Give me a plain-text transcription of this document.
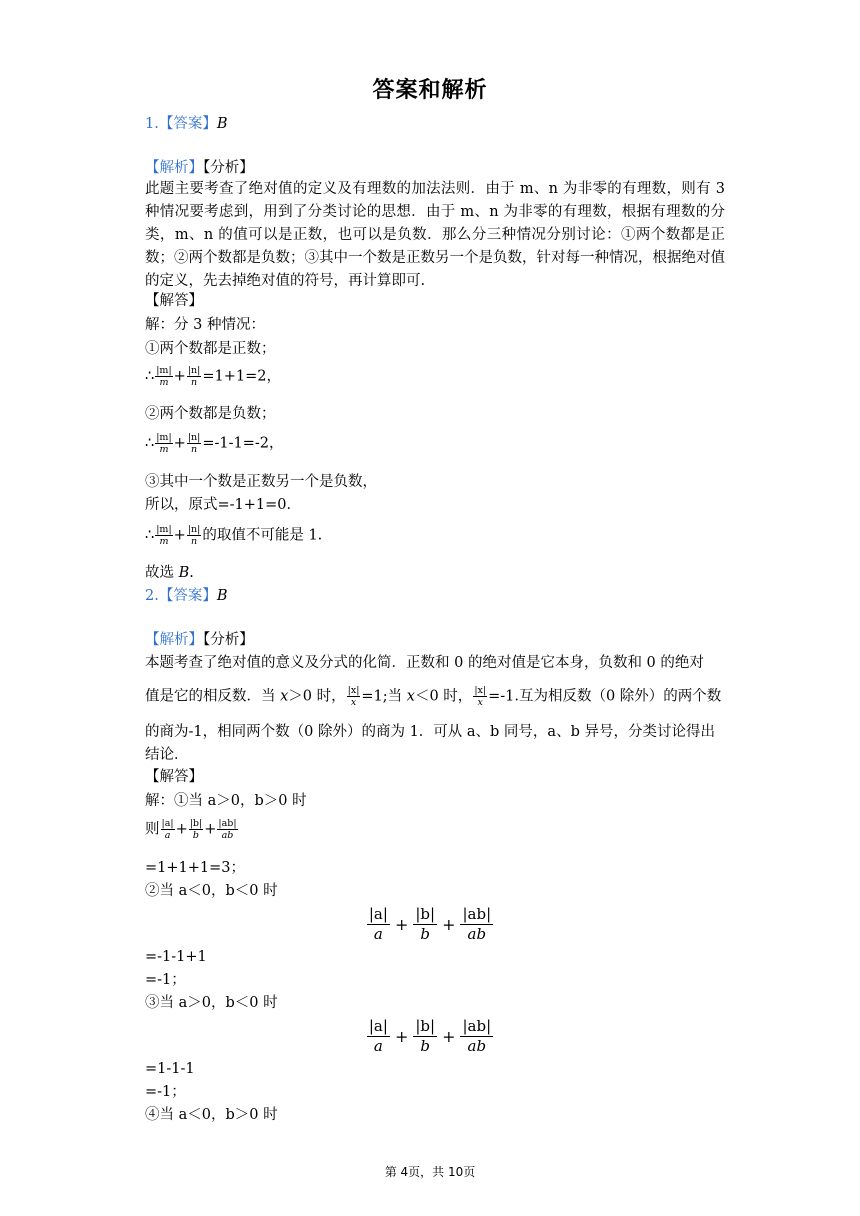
答案和解析
1.【答案】B
【解析】【分析】
此题主要考查了绝对值的定义及有理数的加法法则．由于 m、n 为非零的有理数，则有 3 种情况要考虑到，用到了分类讨论的思想．由于 m、n 为非零的有理数，根据有理数的分类，m、n 的值可以是正数，也可以是负数．那么分三种情况分别讨论：①两个数都是正数；②两个数都是负数；③其中一个数是正数另一个是负数，针对每一种情况，根据绝对值的定义，先去掉绝对值的符号，再计算即可.
【解答】
解：分 3 种情况：
①两个数都是正数；
∴ $\frac{|m|}{m} + \frac{|n|}{n} =1+1=2$，
②两个数都是负数；
∴ $\frac{|m|}{m} + \frac{|n|}{n} =-1-1=-2$，
③其中一个数是正数另一个是负数，
所以，原式=-1+1=0．
∴ $\frac{|m|}{m} + \frac{|n|}{n}$ 的取值不可能是 1.
故选 B.
2.【答案】B
【解析】【分析】
本题考查了绝对值的意义及分式的化简．正数和 0 的绝对值是它本身，负数和 0 的绝对
值是它的相反数．当 x＞0 时， $\frac{|x|}{x} =1$;当 x＜0 时， $\frac{|x|}{x} =-1$.互为相反数（0 除外）的两个数
的商为-1，相同两个数（0 除外）的商为 1．可从 a、b 同号，a、b 异号，分类讨论得出
结论．
【解答】
解：①当 a＞0，b＞0 时
则 $\frac{|a|}{a} + \frac{|b|}{b} + \frac{|ab|}{ab}$
=1+1+1=3；
②当 a＜0，b＜0 时
$\frac{|a|}{a} + \frac{|b|}{b} + \frac{|ab|}{ab}$
=-1-1+1
=-1；
③当 a＞0，b＜0 时
$\frac{|a|}{a} + \frac{|b|}{b} + \frac{|ab|}{ab}$
=1-1-1
=-1；
④当 a＜0，b＞0 时
第 4页，共 10页
